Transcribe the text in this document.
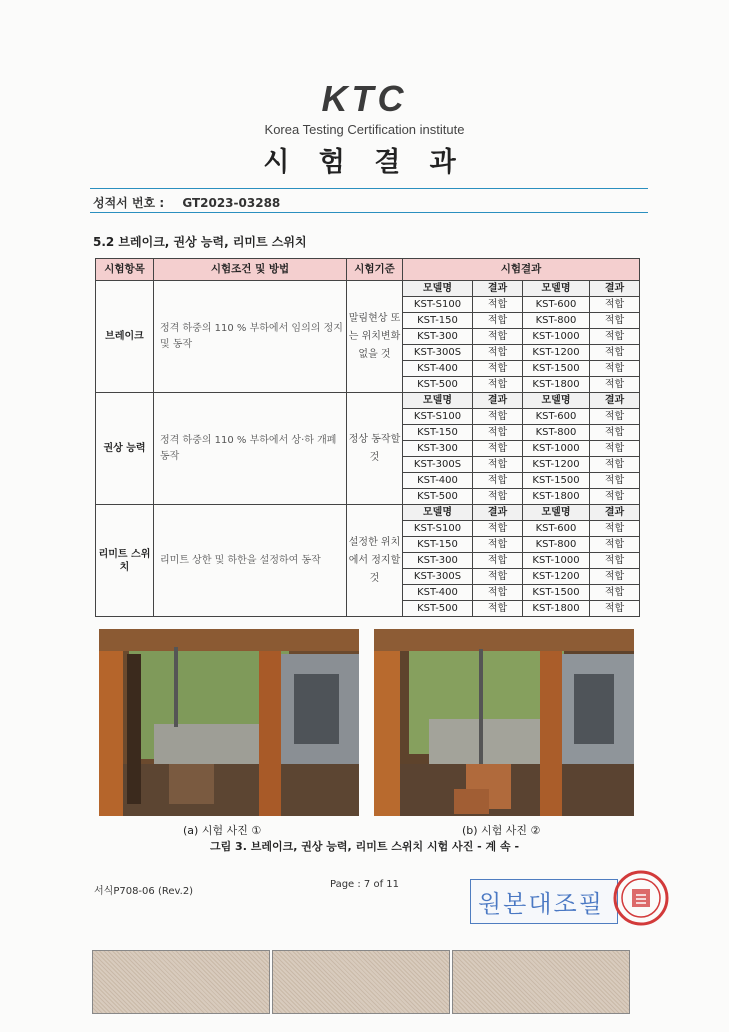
KTC
Korea Testing Certification institute
시 험 결 과
성적서 번호 : GT2023-03288
5.2 브레이크, 권상 능력, 리미트 스위치
시험항목	시험조건 및 방법	시험기준	시험결과			
브레이크	정격 하중의 110 % 부하에서 임의의 정지 및 동작	말림현상 또는 위치변화 없을 것	모델명	결과	모델명	결과
			KST-S100	적합	KST-600	적합
			KST-150	적합	KST-800	적합
			KST-300	적합	KST-1000	적합
			KST-300S	적합	KST-1200	적합
			KST-400	적합	KST-1500	적합
			KST-500	적합	KST-1800	적합
권상 능력	정격 하중의 110 % 부하에서 상·하 개폐 동작	정상 동작할 것	모델명	결과	모델명	결과
			KST-S100	적합	KST-600	적합
			KST-150	적합	KST-800	적합
			KST-300	적합	KST-1000	적합
			KST-300S	적합	KST-1200	적합
			KST-400	적합	KST-1500	적합
			KST-500	적합	KST-1800	적합
리미트 스위치	리미트 상한 및 하한을 설정하여 동작	설정한 위치에서 정지할 것	모델명	결과	모델명	결과
			KST-S100	적합	KST-600	적합
			KST-150	적합	KST-800	적합
			KST-300	적합	KST-1000	적합
			KST-300S	적합	KST-1200	적합
			KST-400	적합	KST-1500	적합
			KST-500	적합	KST-1800	적합
(a) 시험 사진 ①	(b) 시험 사진 ②
그림 3. 브레이크, 권상 능력, 리미트 스위치 시험 사진 - 계 속 -
서식P708-06 (Rev.2)
Page : 7 of 11
원본대조필
